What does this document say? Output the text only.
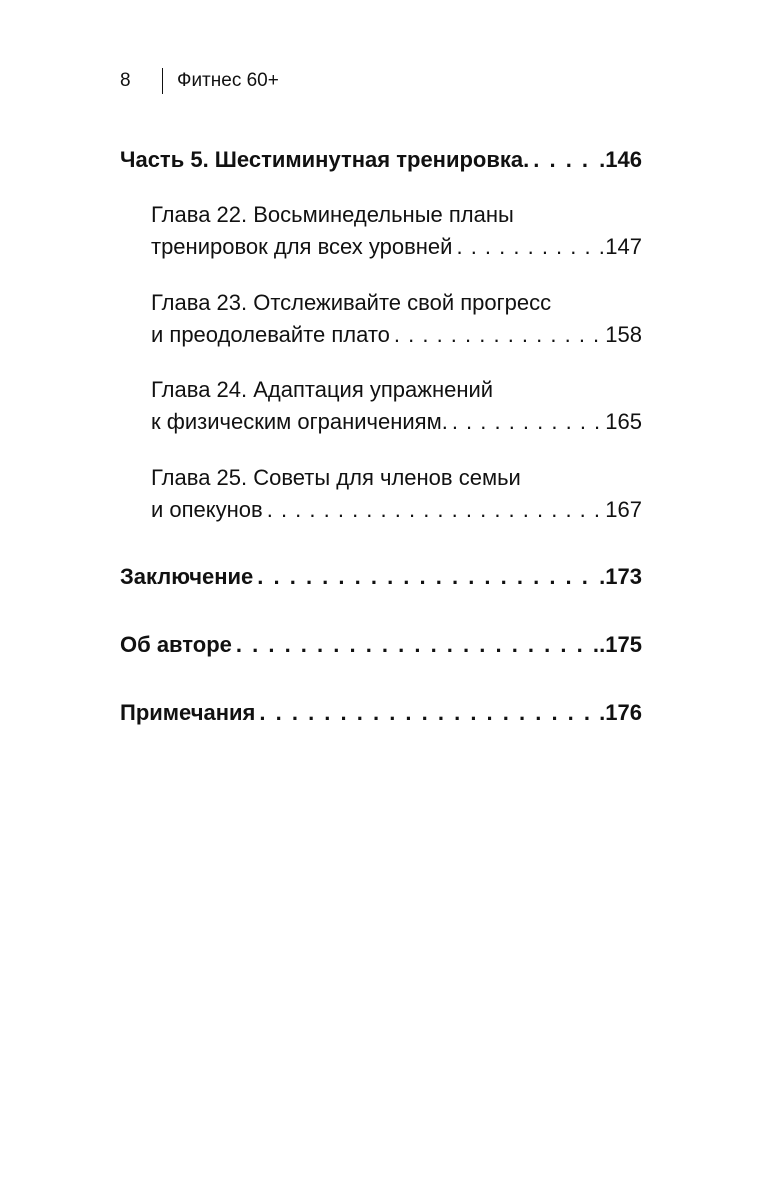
8	Фитнес 60+
Часть 5. Шестиминутная тренировка. . . .	.146
Глава 22. Восьминедельные планы
тренировок для всех уровней . . .	147
Глава 23. Отслеживайте свой прогресс
и преодолевайте плато . . .	158
Глава 24. Адаптация упражнений
к физическим ограничениям. . . .	165
Глава 25. Советы для членов семьи
и опекунов . . .	167
Заключение . . .	.173
Об авторе . . .	.175
Примечания . . .	.176
